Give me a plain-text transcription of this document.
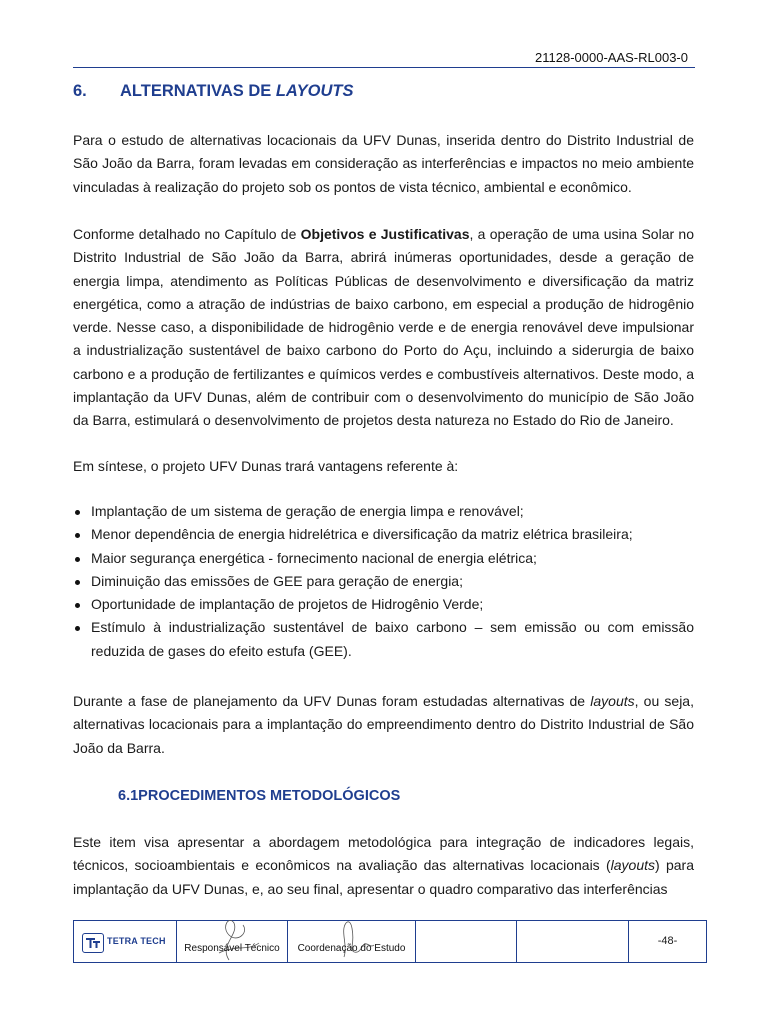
21128-0000-AAS-RL003-0
6. ALTERNATIVAS DE LAYOUTS

Para o estudo de alternativas locacionais da UFV Dunas, inserida dentro do Distrito Industrial de São João da Barra, foram levadas em consideração as interferências e impactos no meio ambiente vinculadas à realização do projeto sob os pontos de vista técnico, ambiental e econômico.

Conforme detalhado no Capítulo de Objetivos e Justificativas, a operação de uma usina Solar no Distrito Industrial de São João da Barra, abrirá inúmeras oportunidades, desde a geração de energia limpa, atendimento as Políticas Públicas de desenvolvimento e diversificação da matriz energética, como a atração de indústrias de baixo carbono, em especial a produção de hidrogênio verde. Nesse caso, a disponibilidade de hidrogênio verde e de energia renovável deve impulsionar a industrialização sustentável de baixo carbono do Porto do Açu, incluindo a siderurgia de baixo carbono e a produção de fertilizantes e químicos verdes e combustíveis alternativos. Deste modo, a implantação da UFV Dunas, além de contribuir com o desenvolvimento do município de São João da Barra, estimulará o desenvolvimento de projetos desta natureza no Estado do Rio de Janeiro.

Em síntese, o projeto UFV Dunas trará vantagens referente à:

Implantação de um sistema de geração de energia limpa e renovável;
Menor dependência de energia hidrelétrica e diversificação da matriz elétrica brasileira;
Maior segurança energética - fornecimento nacional de energia elétrica;
Diminuição das emissões de GEE para geração de energia;
Oportunidade de implantação de projetos de Hidrogênio Verde;
Estímulo à industrialização sustentável de baixo carbono – sem emissão ou com emissão reduzida de gases do efeito estufa (GEE).

Durante a fase de planejamento da UFV Dunas foram estudadas alternativas de layouts, ou seja, alternativas locacionais para a implantação do empreendimento dentro do Distrito Industrial de São João da Barra.

6.1PROCEDIMENTOS METODOLÓGICOS

Este item visa apresentar a abordagem metodológica para integração de indicadores legais, técnicos, socioambientais e econômicos na avaliação das alternativas locacionais (layouts) para implantação da UFV Dunas, e, ao seu final, apresentar o quadro comparativo das interferências

TETRA TECH
Responsável Técnico	Coordenação do Estudo
-48-
